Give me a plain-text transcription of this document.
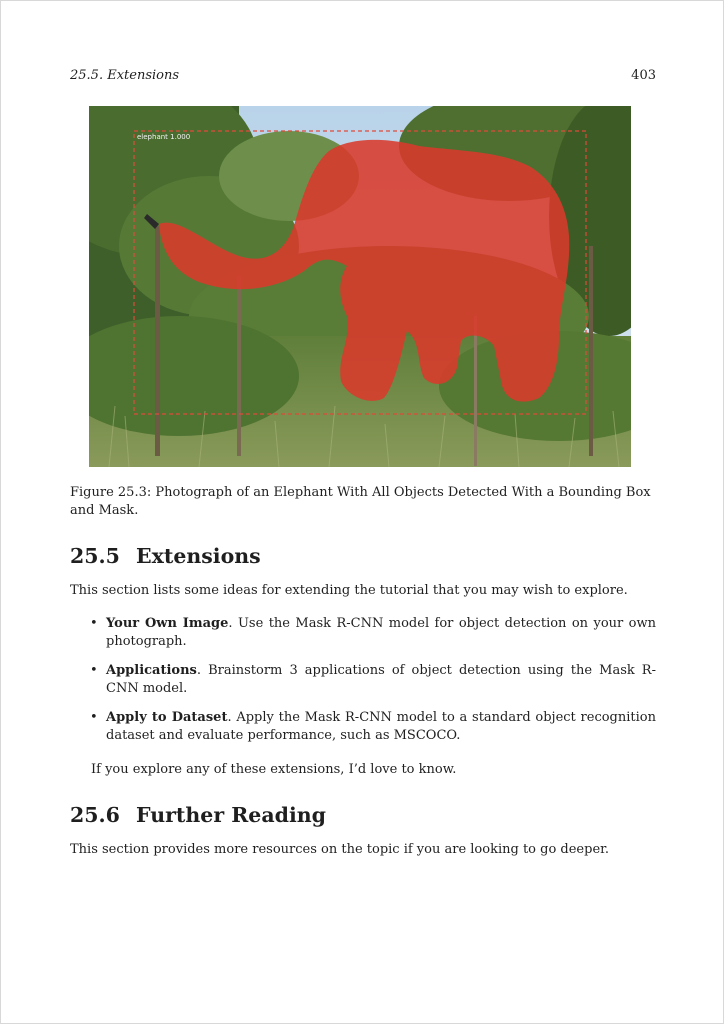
25.5. Extensions	403
elephant 1.000
Figure 25.3: Photograph of an Elephant With All Objects Detected With a Bounding Box and Mask.
25.5 Extensions
This section lists some ideas for extending the tutorial that you may wish to explore.
• Your Own Image. Use the Mask R-CNN model for object detection on your own photograph.
• Applications. Brainstorm 3 applications of object detection using the Mask R-CNN model.
• Apply to Dataset. Apply the Mask R-CNN model to a standard object recognition dataset and evaluate performance, such as MSCOCO.
If you explore any of these extensions, I’d love to know.
25.6 Further Reading
This section provides more resources on the topic if you are looking to go deeper.
